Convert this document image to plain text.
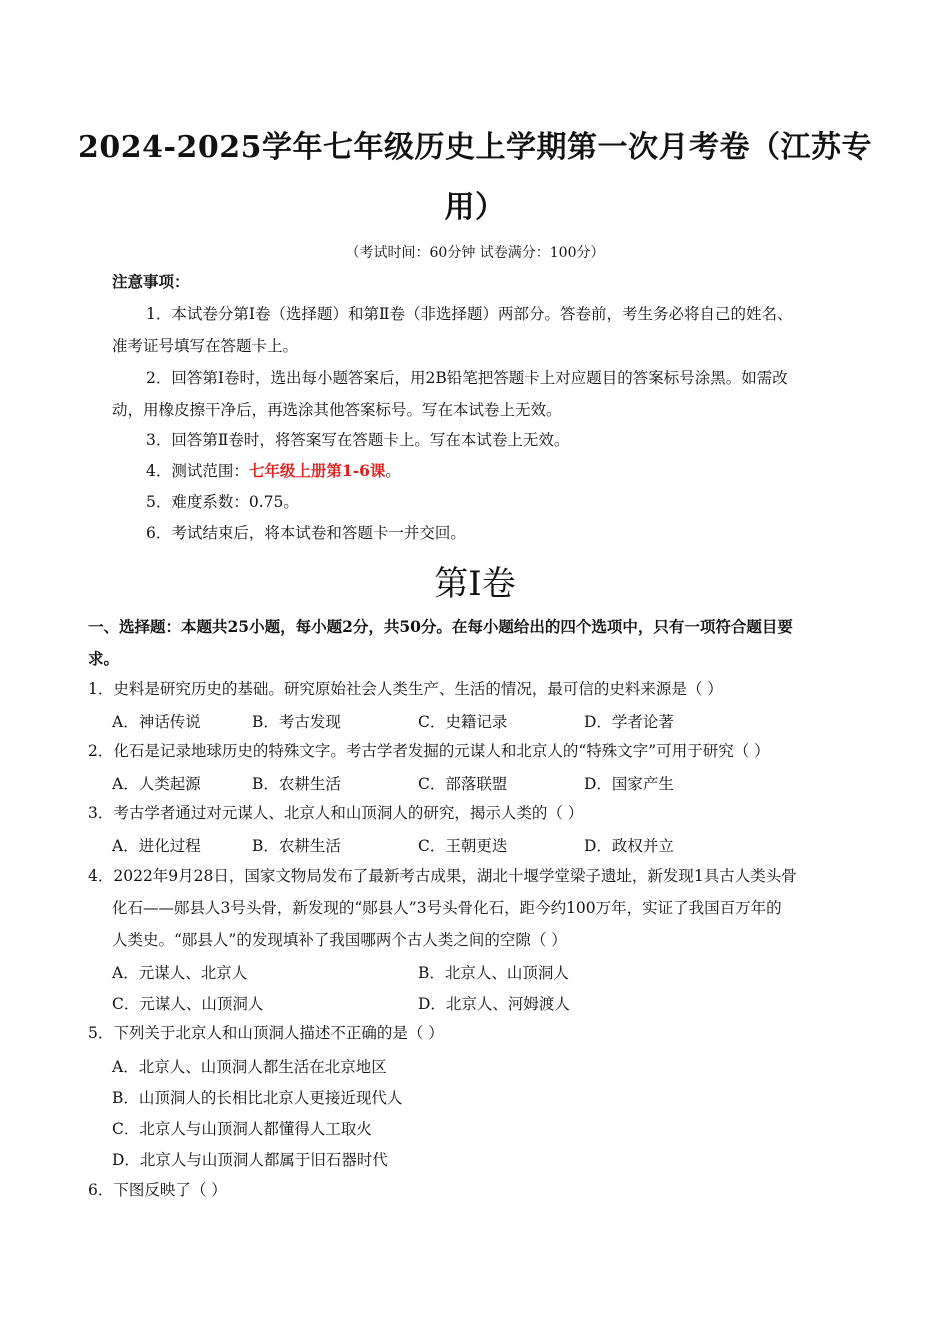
2024-2025学年七年级历史上学期第一次月考卷（江苏专
用）
（考试时间：60分钟 试卷满分：100分）
注意事项：
1．本试卷分第Ⅰ卷（选择题）和第Ⅱ卷（非选择题）两部分。答卷前，考生务必将自己的姓名、
准考证号填写在答题卡上。
2．回答第Ⅰ卷时，选出每小题答案后，用2B铅笔把答题卡上对应题目的答案标号涂黑。如需改
动，用橡皮擦干净后，再选涂其他答案标号。写在本试卷上无效。
3．回答第Ⅱ卷时，将答案写在答题卡上。写在本试卷上无效。
4．测试范围：七年级上册第1-6课。
5．难度系数：0.75。
6．考试结束后，将本试卷和答题卡一并交回。
第Ⅰ卷
一、选择题：本题共25小题，每小题2分，共50分。在每小题给出的四个选项中，只有一项符合题目要
求。
1．史料是研究历史的基础。研究原始社会人类生产、生活的情况，最可信的史料来源是（ ）
A．神话传说	B．考古发现	C．史籍记录	D．学者论著
2．化石是记录地球历史的特殊文字。考古学者发掘的元谋人和北京人的“特殊文字”可用于研究（ ）
A．人类起源	B．农耕生活	C．部落联盟	D．国家产生
3．考古学者通过对元谋人、北京人和山顶洞人的研究，揭示人类的（ ）
A．进化过程	B．农耕生活	C．王朝更迭	D．政权并立
4．2022年9月28日，国家文物局发布了最新考古成果，湖北十堰学堂梁子遗址，新发现1具古人类头骨
化石——郧县人3号头骨，新发现的“郧县人”3号头骨化石，距今约100万年，实证了我国百万年的
人类史。“郧县人”的发现填补了我国哪两个古人类之间的空隙（ ）
A．元谋人、北京人	B．北京人、山顶洞人
C．元谋人、山顶洞人	D．北京人、河姆渡人
5．下列关于北京人和山顶洞人描述不正确的是（ ）
A．北京人、山顶洞人都生活在北京地区
B．山顶洞人的长相比北京人更接近现代人
C．北京人与山顶洞人都懂得人工取火
D．北京人与山顶洞人都属于旧石器时代
6．下图反映了（ ）
